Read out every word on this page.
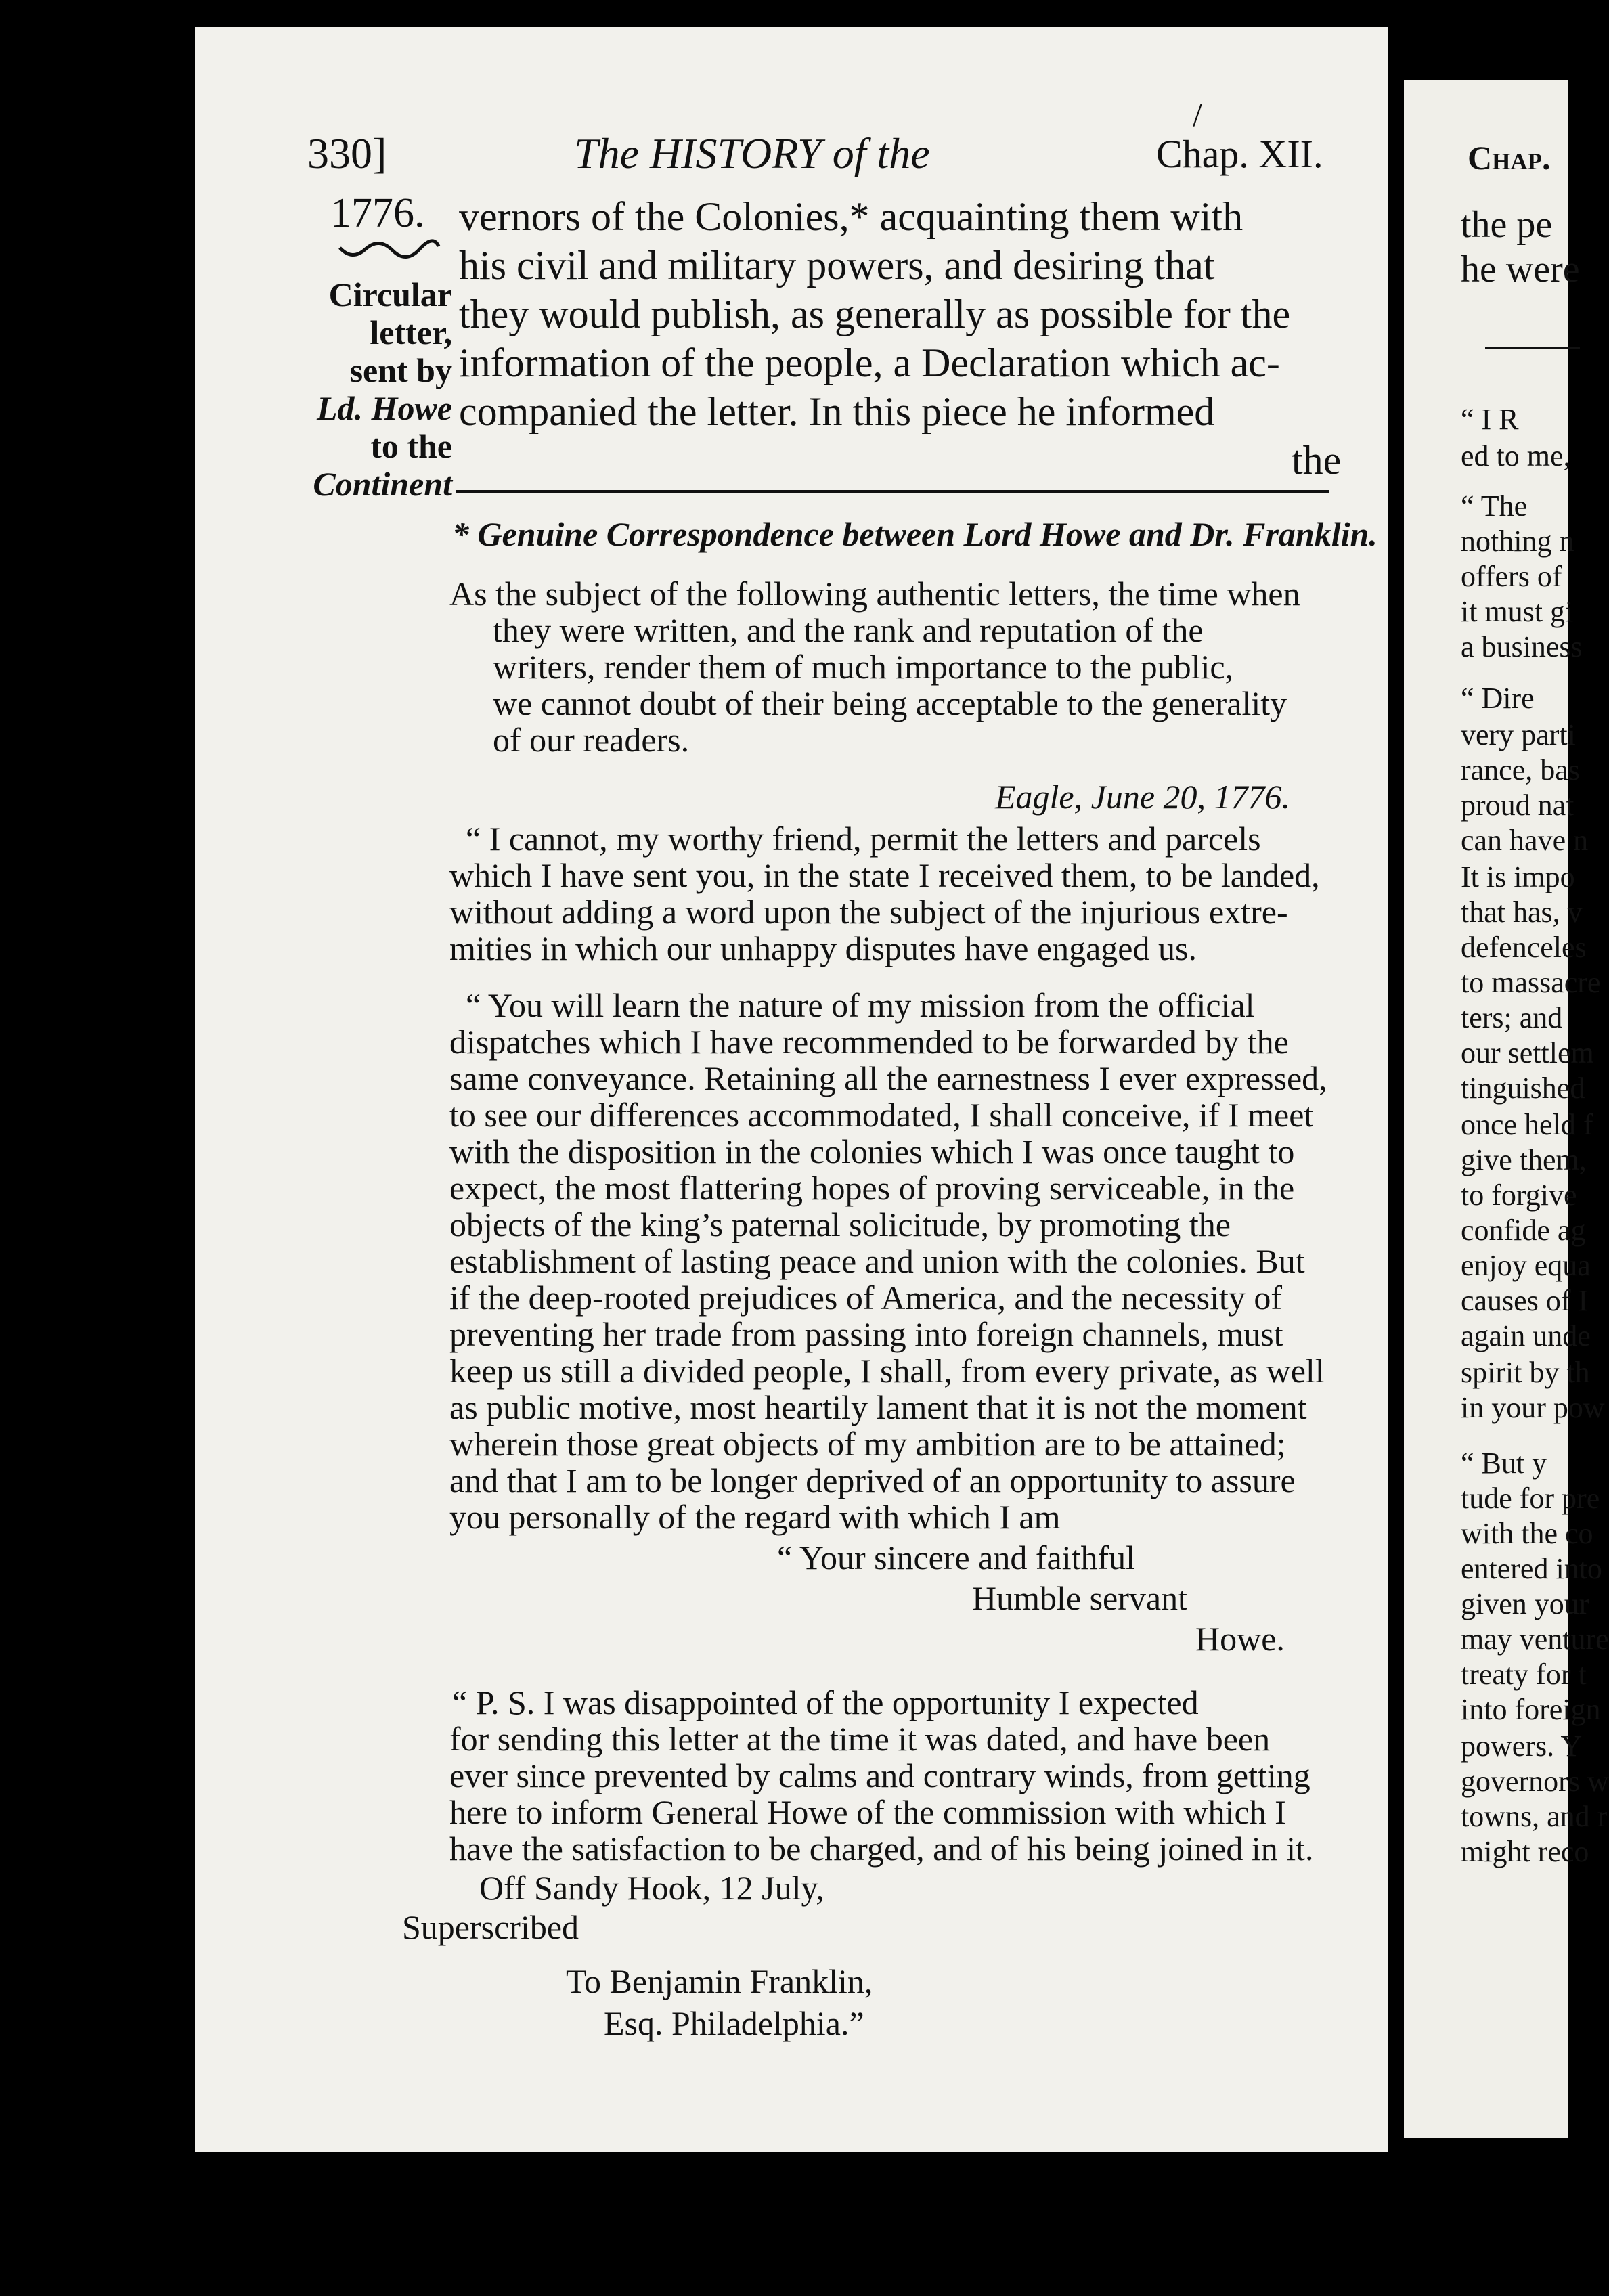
330]	The HISTORY of the	Chap. XII.
/
1776.
Circular
letter,
sent by
Ld. Howe
to the
Continent
vernors of the Colonies,* acquainting them with
his civil and military powers, and desiring that
they would publish, as generally as possible for the
information of the people, a Declaration which ac-
companied the letter. In this piece he informed
the
* Genuine Correspondence between Lord Howe and Dr. Franklin.
As the subject of the following authentic letters, the time when
they were written, and the rank and reputation of the
writers, render them of much importance to the public,
we cannot doubt of their being acceptable to the generality
of our readers.
Eagle, June 20, 1776.
“ I cannot, my worthy friend, permit the letters and parcels
which I have sent you, in the state I received them, to be landed,
without adding a word upon the subject of the injurious extre-
mities in which our unhappy disputes have engaged us.
“ You will learn the nature of my mission from the official
dispatches which I have recommended to be forwarded by the
same conveyance. Retaining all the earnestness I ever expressed,
to see our differences accommodated, I shall conceive, if I meet
with the disposition in the colonies which I was once taught to
expect, the most flattering hopes of proving serviceable, in the
objects of the king’s paternal solicitude, by promoting the
establishment of lasting peace and union with the colonies. But
if the deep-rooted prejudices of America, and the necessity of
preventing her trade from passing into foreign channels, must
keep us still a divided people, I shall, from every private, as well
as public motive, most heartily lament that it is not the moment
wherein those great objects of my ambition are to be attained;
and that I am to be longer deprived of an opportunity to assure
you personally of the regard with which I am
“ Your sincere and faithful
Humble servant
Howe.
“ P. S. I was disappointed of the opportunity I expected
for sending this letter at the time it was dated, and have been
ever since prevented by calms and contrary winds, from getting
here to inform General Howe of the commission with which I
have the satisfaction to be charged, and of his being joined in it.
Off Sandy Hook, 12 July,
Superscribed
To Benjamin Franklin,
Esq. Philadelphia.”
Chap.
the pe
he were
“ I R
ed to me,
“ The
nothing n
offers of
it must gi
a business
“ Dire
very parti
rance, bas
proud nat
can have n
It is impo
that has, v
defenceles
to massacre
ters; and
our settlem
tinguished
once held f
give them,
to forgive
confide ag
enjoy equa
causes of I
again unde
spirit by th
in your pow
“ But y
tude for pre
with the co
entered into
given your
may venture
treaty for t
into foreign
powers. Y
governors w
towns, and r
might reco
